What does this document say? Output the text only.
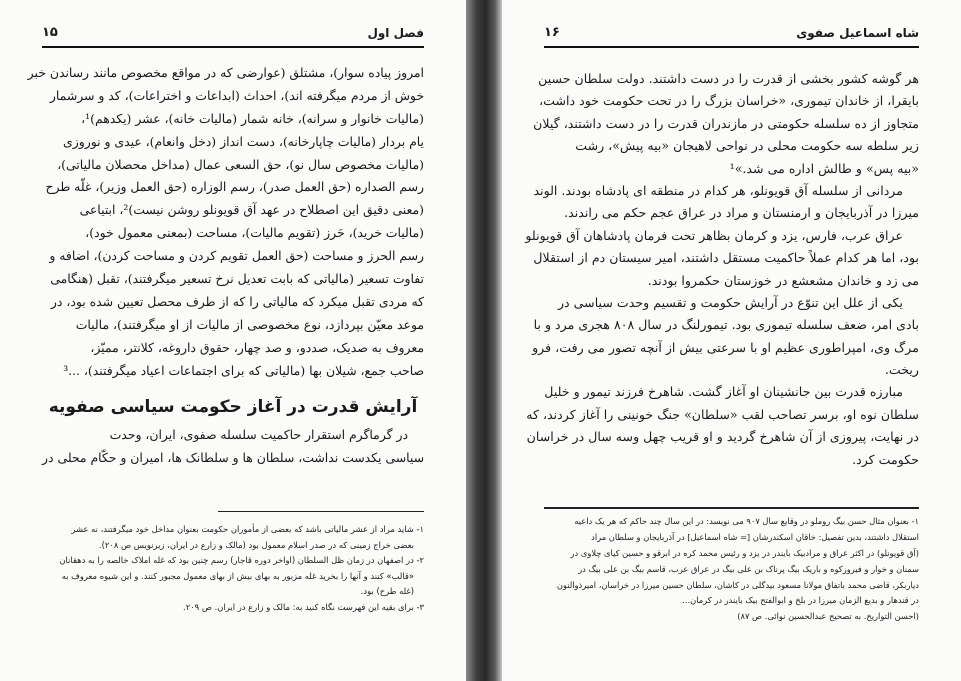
فصل اول
۱۵
امروز پیاده سوار)، مشتلق (عوارضی که در مواقع مخصوص مانند رساندن خبر
خوش از مردم میگرفته اند)، احداث (ابداعات و اختراعات)، کد و سرشمار
(مالیات خانوار و سرانه)، خانه شمار (مالیات خانه)، عشر (یکدهم)¹،
یام بردار (مالیات چاپارخانه)، دست انداز (دخل وانعام)، عیدی و نوروزی
(مالیات مخصوص سال نو)، حق السعی عمال (مداخل محصلان مالیاتی)،
رسم الصداره (حق العمل صدر)، رسم الوزاره (حق العمل وزیر)، غلّه طرح
(معنی دقیق این اصطلاح در عهد آق قویونلو روشن نیست)²، ابتیاعی
(مالیات خرید)، حَرز (تقویم مالیات)، مساحت (بمعنی معمول خود)،
رسم الحرز و مساحت (حق العمل تقویم کردن و مساحت کردن)، اضافه و
تفاوت تسعیر (مالیاتی که بابت تعدیل نرخ تسعیر میگرفتند)، تقبل (هنگامی
که مردی تقبل میکرد که مالیاتی را که از طرف محصل تعیین شده بود، در
موعد معیّن بپردازد، نوع مخصوصی از مالیات از او میگرفتند)، مالیات
معروف به صدیک، صددو، و صد چهار، حقوق داروغه، کلانتر، ممیّز،
صاحب جمع، شیلان بها (مالیاتی که برای اجتماعات اعیاد میگرفتند)، ...³
آرایش قدرت در آغاز حکومت سیاسی صفویه
در گرماگرم استقرار حاکمیت سلسله صفوی، ایران، وحدت
سیاسی یکدست نداشت، سلطان ها و سلطانک ها، امیران و حکّام محلی در
۱- شاید مراد از عشر مالیاتی باشد که بعضی از مأموران حکومت بعنوان مداخل خود میگرفتند، نه عشر
بعضی خراج زمینی که در صدر اسلام معمول بود (مالک و زارع در ایران، زیرنویس ص ۲۰۸).
۲- در اصفهان در زمان ظل السلطان (اواخر دوره قاجار) رسم چنین بود که غله املاک خالصه را به دهقانان
«قالب» کنند و آنها را بخرید غله مزبور به بهای بیش از بهای معمول مجبور کنند. و این شیوه معروف به
(غله طرح) بود.
۳- برای بقیه این فهرست نگاه کنید به: مالک و زارع در ایران. ص ۲۰۹.
شاه اسماعیل صفوی
۱۶
هر گوشه کشور بخشی از قدرت را در دست داشتند. دولت سلطان حسین
بایقرا، از خاندان تیموری، «خراسان بزرگ را در تحت حکومت خود داشت،
متجاوز از ده سلسله حکومتی در مازندران قدرت را در دست داشتند، گیلان
زیر سلطه سه حکومت محلی در نواحی لاهیجان «بیه پیش»، رشت
«بیه پس» و طالش اداره می شد.»¹
مردانی از سلسله آق قویونلو، هر کدام در منطقه ای پادشاه بودند. الوند
میرزا در آذربایجان و ارمنستان و مراد در عراق عجم حکم می راندند.
عراق عرب، فارس، یزد و کرمان بظاهر تحت فرمان پادشاهان آق قویونلو
بود، اما هر کدام عملاً حاکمیت مستقل داشتند، امیر سیستان دم از استقلال
می زد و خاندان مشعشع در خوزستان حکمروا بودند.
یکی از علل این تنوّع در آرایش حکومت و تقسیم وحدت سیاسی در
بادی امر، ضعف سلسله تیموری بود. تیمورلنگ در سال ۸۰۸ هجری مرد و با
مرگ وی، امپراطوری عظیم او با سرعتی بیش از آنچه تصور می رفت، فرو
ریخت.
مبارزه قدرت بین جانشینان او آغاز گشت. شاهرخ فرزند تیمور و خلیل
سلطان نوه او، برسر تصاحب لقب «سلطان» جنگ خونینی را آغاز کردند، که
در نهایت، پیروزی از آن شاهرخ گردید و او قریب چهل وسه سال در خراسان
حکومت کرد.
۱- بعنوان مثال حسن بیگ روملو در وقایع سال ۹۰۷ می نویسد: در این سال چند حاکم که هر یک داعیه
استقلال داشتند، بدین تفصیل: خاقان اسکندرشان [= شاه اسماعیل] در آذربایجان و سلطان مراد
(آق قویونلو) در اکثر عراق و مرادبیک بایندر در یزد و رئیس محمد کره در ابرقو و حسین کیای چلاوی در
سمنان و خوار و فیروزکوه و باریک بیگ پرناک بن علی بیگ در عراق عرب، قاسم بیگ بن علی بیگ در
دیاربکر، قاضی محمد باتفاق مولانا مسعود بیدگلی در کاشان، سلطان حسین میرزا در خراسان، امیرذوالنون
در قندهار و بدیع الزمان میرزا در بلخ و ابوالفتح بیک بایندر در کرمان...
(احسن التواریخ. به تصحیح عبدالحسین نوائی. ص ۸۷)
